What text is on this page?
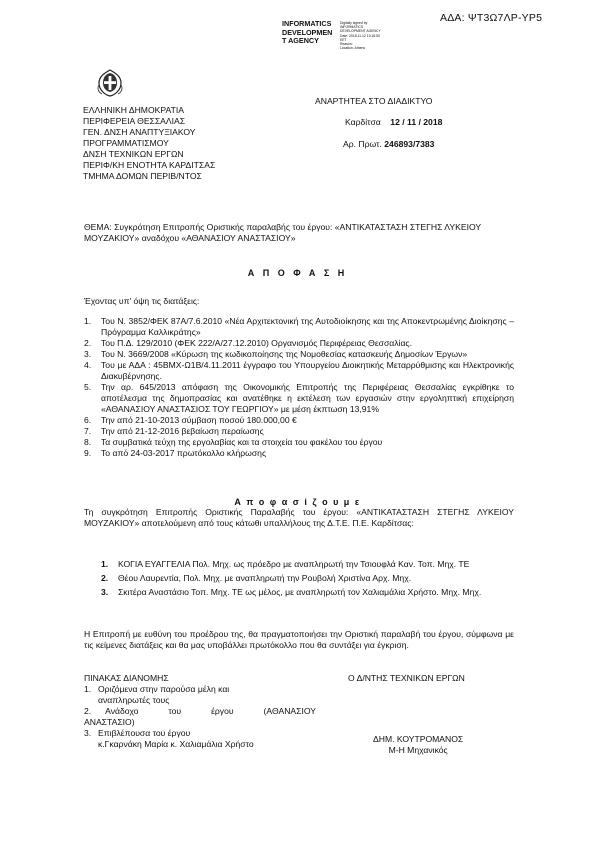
ΑΔΑ: ΨΤ3Ω7ΛΡ-ΥΡ5
INFORMATICS
DEVELOPMEN
T AGENCY
Digitally signed by
INFORMATICS
DEVELOPMENT AGENCY
Date: 2018.11.12 13:16:50
EET
Reason:
Location: Athens
ΕΛΛΗΝΙΚΗ ΔΗΜΟΚΡΑΤΙΑ
ΠΕΡΙΦΕΡΕΙΑ ΘΕΣΣΑΛΙΑΣ
ΓΕΝ. ΔΝΣΗ ΑΝΑΠΤΥΞΙΑΚΟΥ
ΠΡΟΓΡΑΜΜΑΤΙΣΜΟΥ
ΔΝΣΗ ΤΕΧΝΙΚΩΝ ΕΡΓΩΝ
ΠΕΡΙΦ/ΚΗ ΕΝΟΤΗΤΑ ΚΑΡΔΙΤΣΑΣ
ΤΜΗΜΑ ΔΟΜΩΝ ΠΕΡΙΒ/ΝΤΟΣ
ΑΝΑΡΤΗΤΕΑ ΣΤΟ ΔΙΑΔΙΚΤΥΟ
Καρδίτσα 12 / 11 / 2018
Αρ. Πρωτ. 246893/7383
ΘΕΜΑ: Συγκρότηση Επιτροπής Οριστικής παραλαβής του έργου: «ΑΝΤΙΚΑΤΑΣΤΑΣΗ ΣΤΕΓΗΣ ΛΥΚΕΙΟΥ ΜΟΥΖΑΚΙΟΥ» αναδόχου «ΑΘΑΝΑΣΙΟΥ ΑΝΑΣΤΑΣΙΟΥ»
Α Π Ο Φ Α Σ Η
Έχοντας υπ' όψη τις διατάξεις:
1. Του Ν. 3852/ΦΕΚ 87Α/7.6.2010 «Νέα Αρχιτεκτονική της Αυτοδιοίκησης και της Αποκεντρωμένης Διοίκησης – Πρόγραμμα Καλλικράτης»
2. Του Π.Δ. 129/2010 (ΦΕΚ 222/Α/27.12.2010) Οργανισμός Περιφέρειας Θεσσαλίας.
3. Του Ν. 3669/2008 «Κύρωση της κωδικοποίησης της Νομοθεσίας κατασκευής Δημοσίων Έργων»
4. Του με ΑΔΑ : 45ΒΜΧ-Ω1Β/4.11.2011 έγγραφο του Υπουργείου Διοικητικής Μεταρρύθμισης και Ηλεκτρονικής Διακυβέρνησης.
5. Την αρ. 645/2013 απόφαση της Οικονομικής Επιτροπής της Περιφέρειας Θεσσαλίας εγκρίθηκε το αποτέλεσμα της δημοπρασίας και ανατέθηκε η εκτέλεση των εργασιών στην εργοληπτική επιχείρηση «ΑΘΑΝΑΣΙΟΥ ΑΝΑΣΤΑΣΙΟΣ ΤΟΥ ΓΕΩΡΓΙΟΥ» με μέση έκπτωση 13,91%
6. Την από 21-10-2013 σύμβαση ποσού 180.000,00 €
7. Την από 21-12-2016 βεβαίωση περαίωσης
8. Τα συμβατικά τεύχη της εργολαβίας και τα στοιχεία του φακέλου του έργου
9. Το από 24-03-2017 πρωτόκολλο κλήρωσης
Α π ο φ α σ ί ζ ο υ μ ε
Τη συγκρότηση Επιτροπής Οριστικής Παραλαβής του έργου: «ΑΝΤΙΚΑΤΑΣΤΑΣΗ ΣΤΕΓΗΣ ΛΥΚΕΙΟΥ ΜΟΥΖΑΚΙΟΥ» αποτελούμενη από τους κάτωθι υπαλλήλους της Δ.Τ.Ε. Π.Ε. Καρδίτσας:
1. ΚΟΓΙΑ ΕΥΑΓΓΕΛΙΑ Πολ. Μηχ. ως πρόεδρο με αναπληρωτή την Τσιουφλά Καν. Τοπ. Μηχ. ΤΕ
2. Θέου Λαυρεντία, Πολ. Μηχ. με αναπληρωτή την Ρουβολή Χριστίνα Αρχ. Μηχ.
3. Σκιτέρα Αναστάσιο Τοπ. Μηχ. ΤΕ ως μέλος, με αναπληρωτή τον Χαλιαμάλια Χρήστο. Μηχ. Μηχ.
Η Επιτροπή με ευθύνη του προέδρου της, θα πραγματοποιήσει την Οριστική παραλαβή του έργου, σύμφωνα με τις κείμενες διατάξεις και θα μας υποβάλλει πρωτόκολλο που θα συντάξει για έγκριση.
ΠΙΝΑΚΑΣ ΔΙΑΝΟΜΗΣ
1. Οριζόμενα στην παρούσα μέλη και αναπληρωτές τους
2. Ανάδοχο του έργου (ΑΘΑΝΑΣΙΟΥ
ΑΝΑΣΤΑΣΙΟ)
3. Επιβλέπουσα του έργου
κ.Γκαρνάκη Μαρία κ. Χαλιαμάλια Χρήστο
Ο Δ/ΝΤΗΣ ΤΕΧΝΙΚΩΝ ΕΡΓΩΝ
ΔΗΜ. ΚΟΥΤΡΟΜΑΝΟΣ
Μ-Η Μηχανικός
